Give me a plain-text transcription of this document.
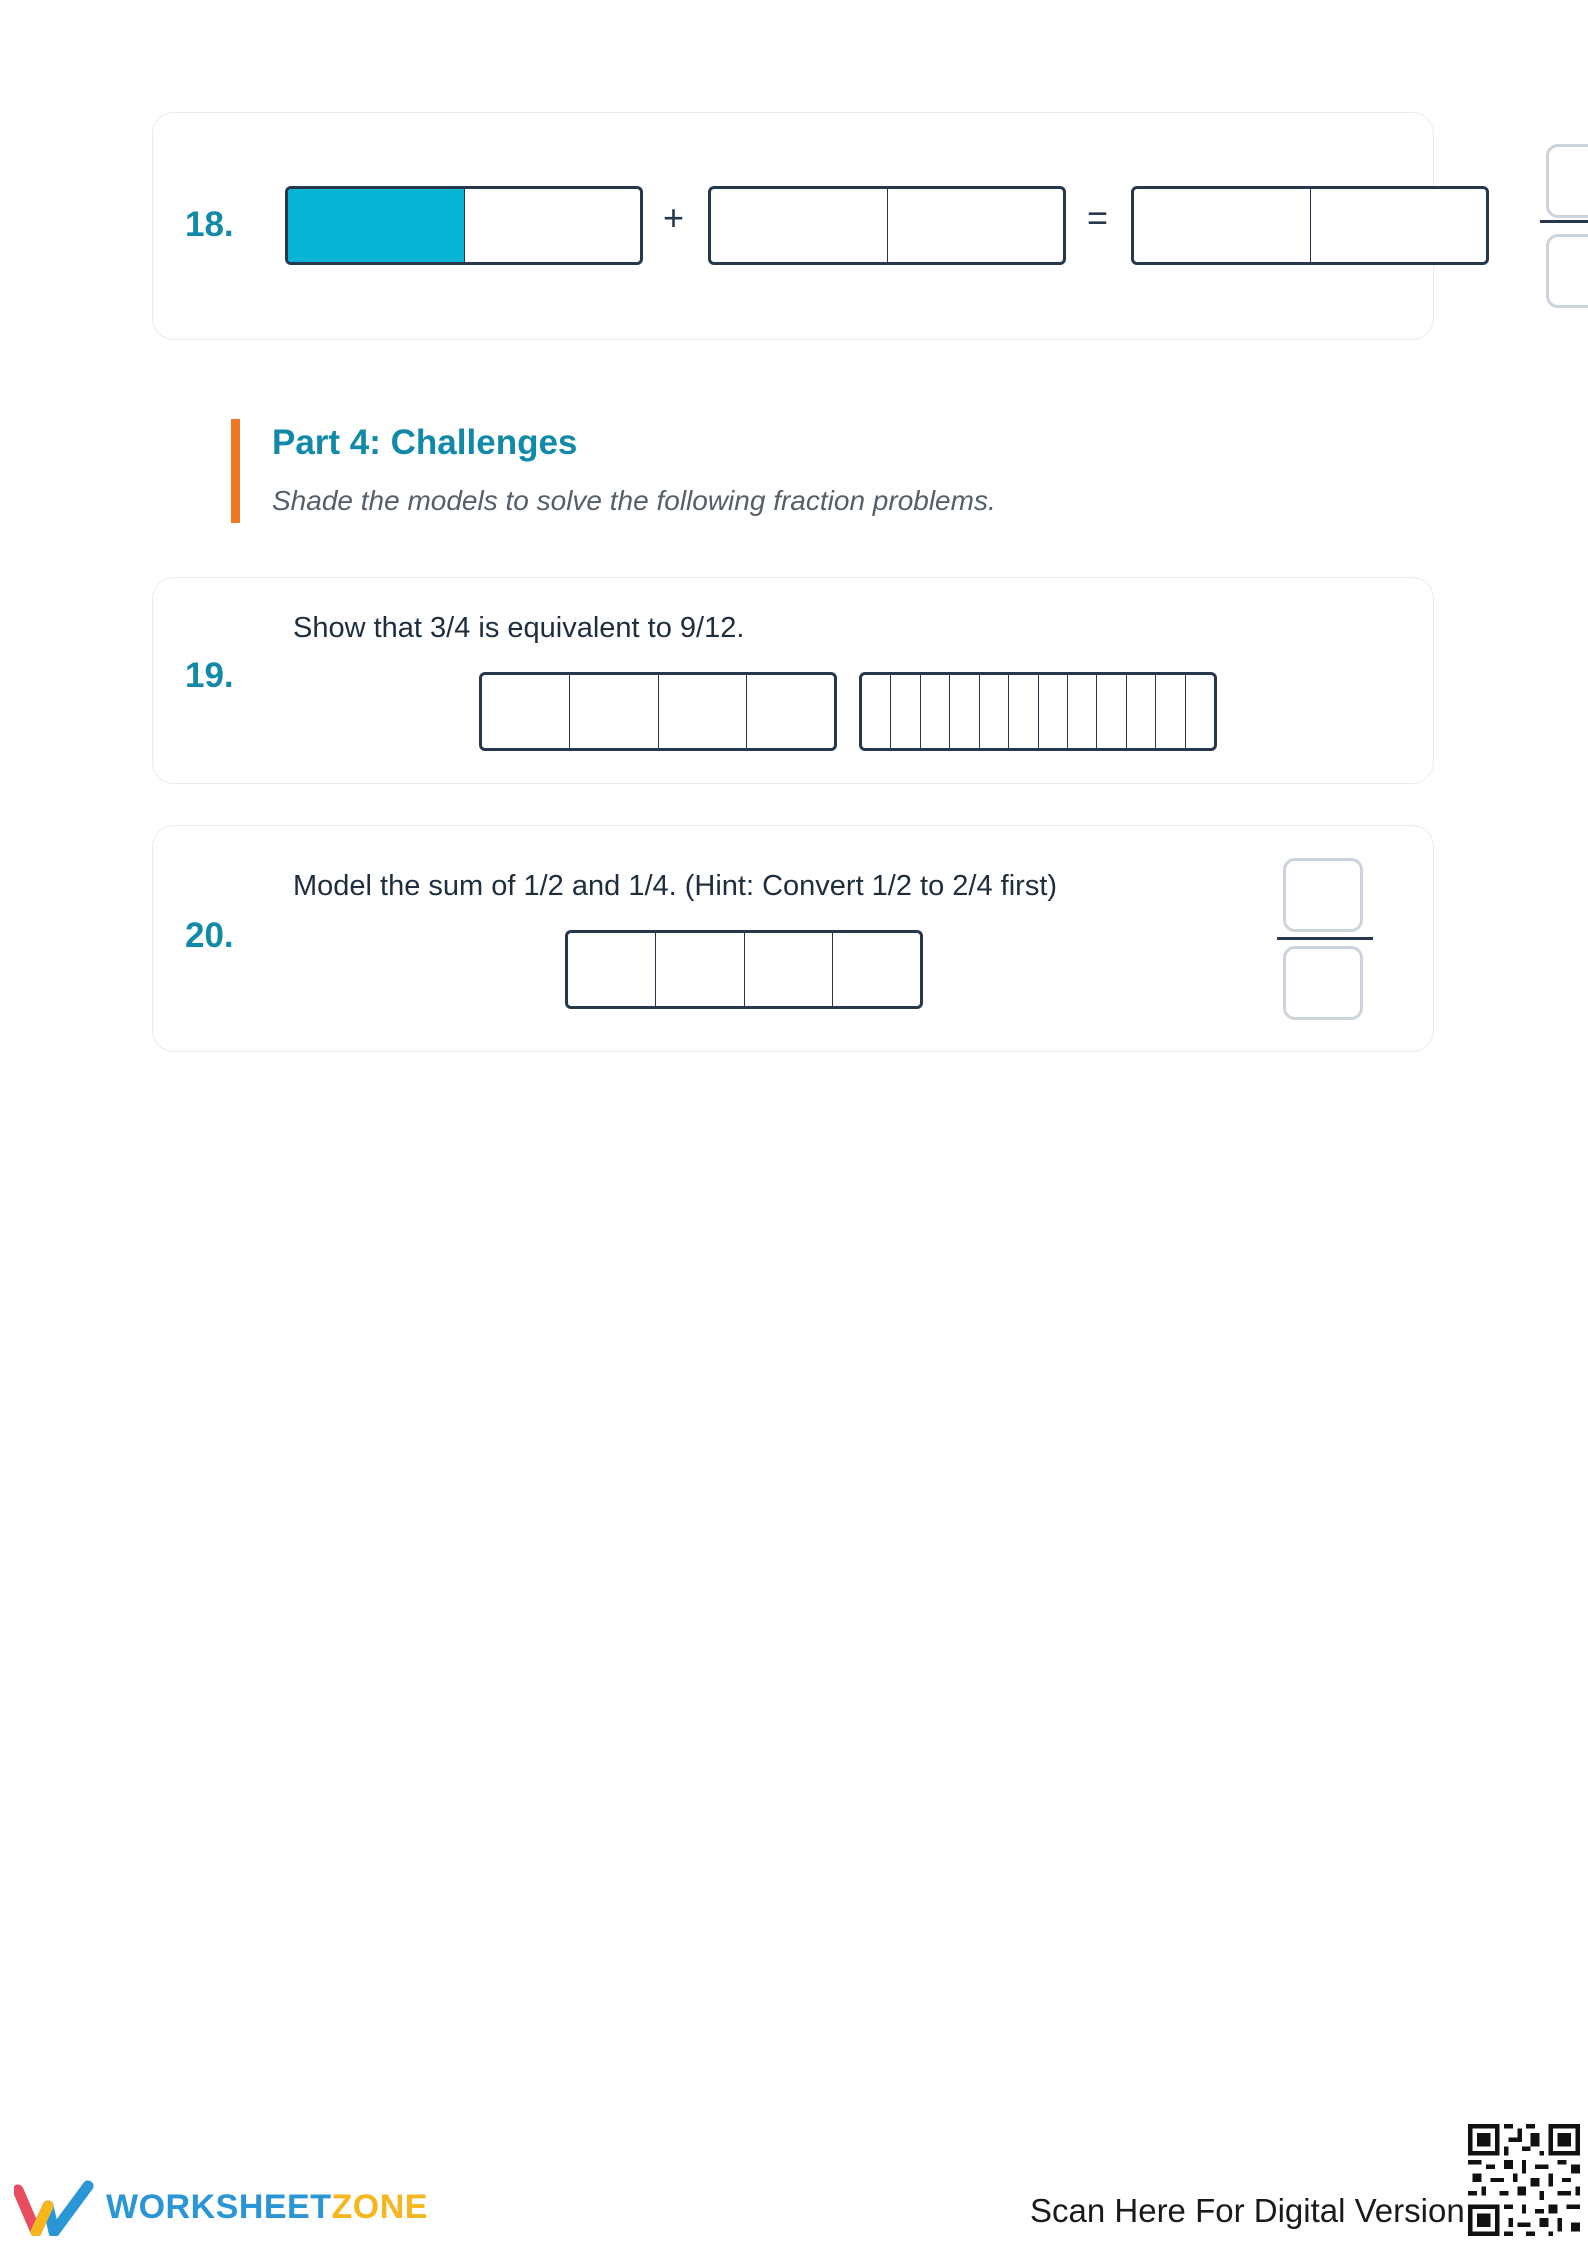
18.	+	=
Part 4: Challenges
Shade the models to solve the following fraction problems.
19.
Show that 3/4 is equivalent to 9/12.
20.
Model the sum of 1/2 and 1/4. (Hint: Convert 1/2 to 2/4 first)
WORKSHEETZONE	Scan Here For Digital Version
